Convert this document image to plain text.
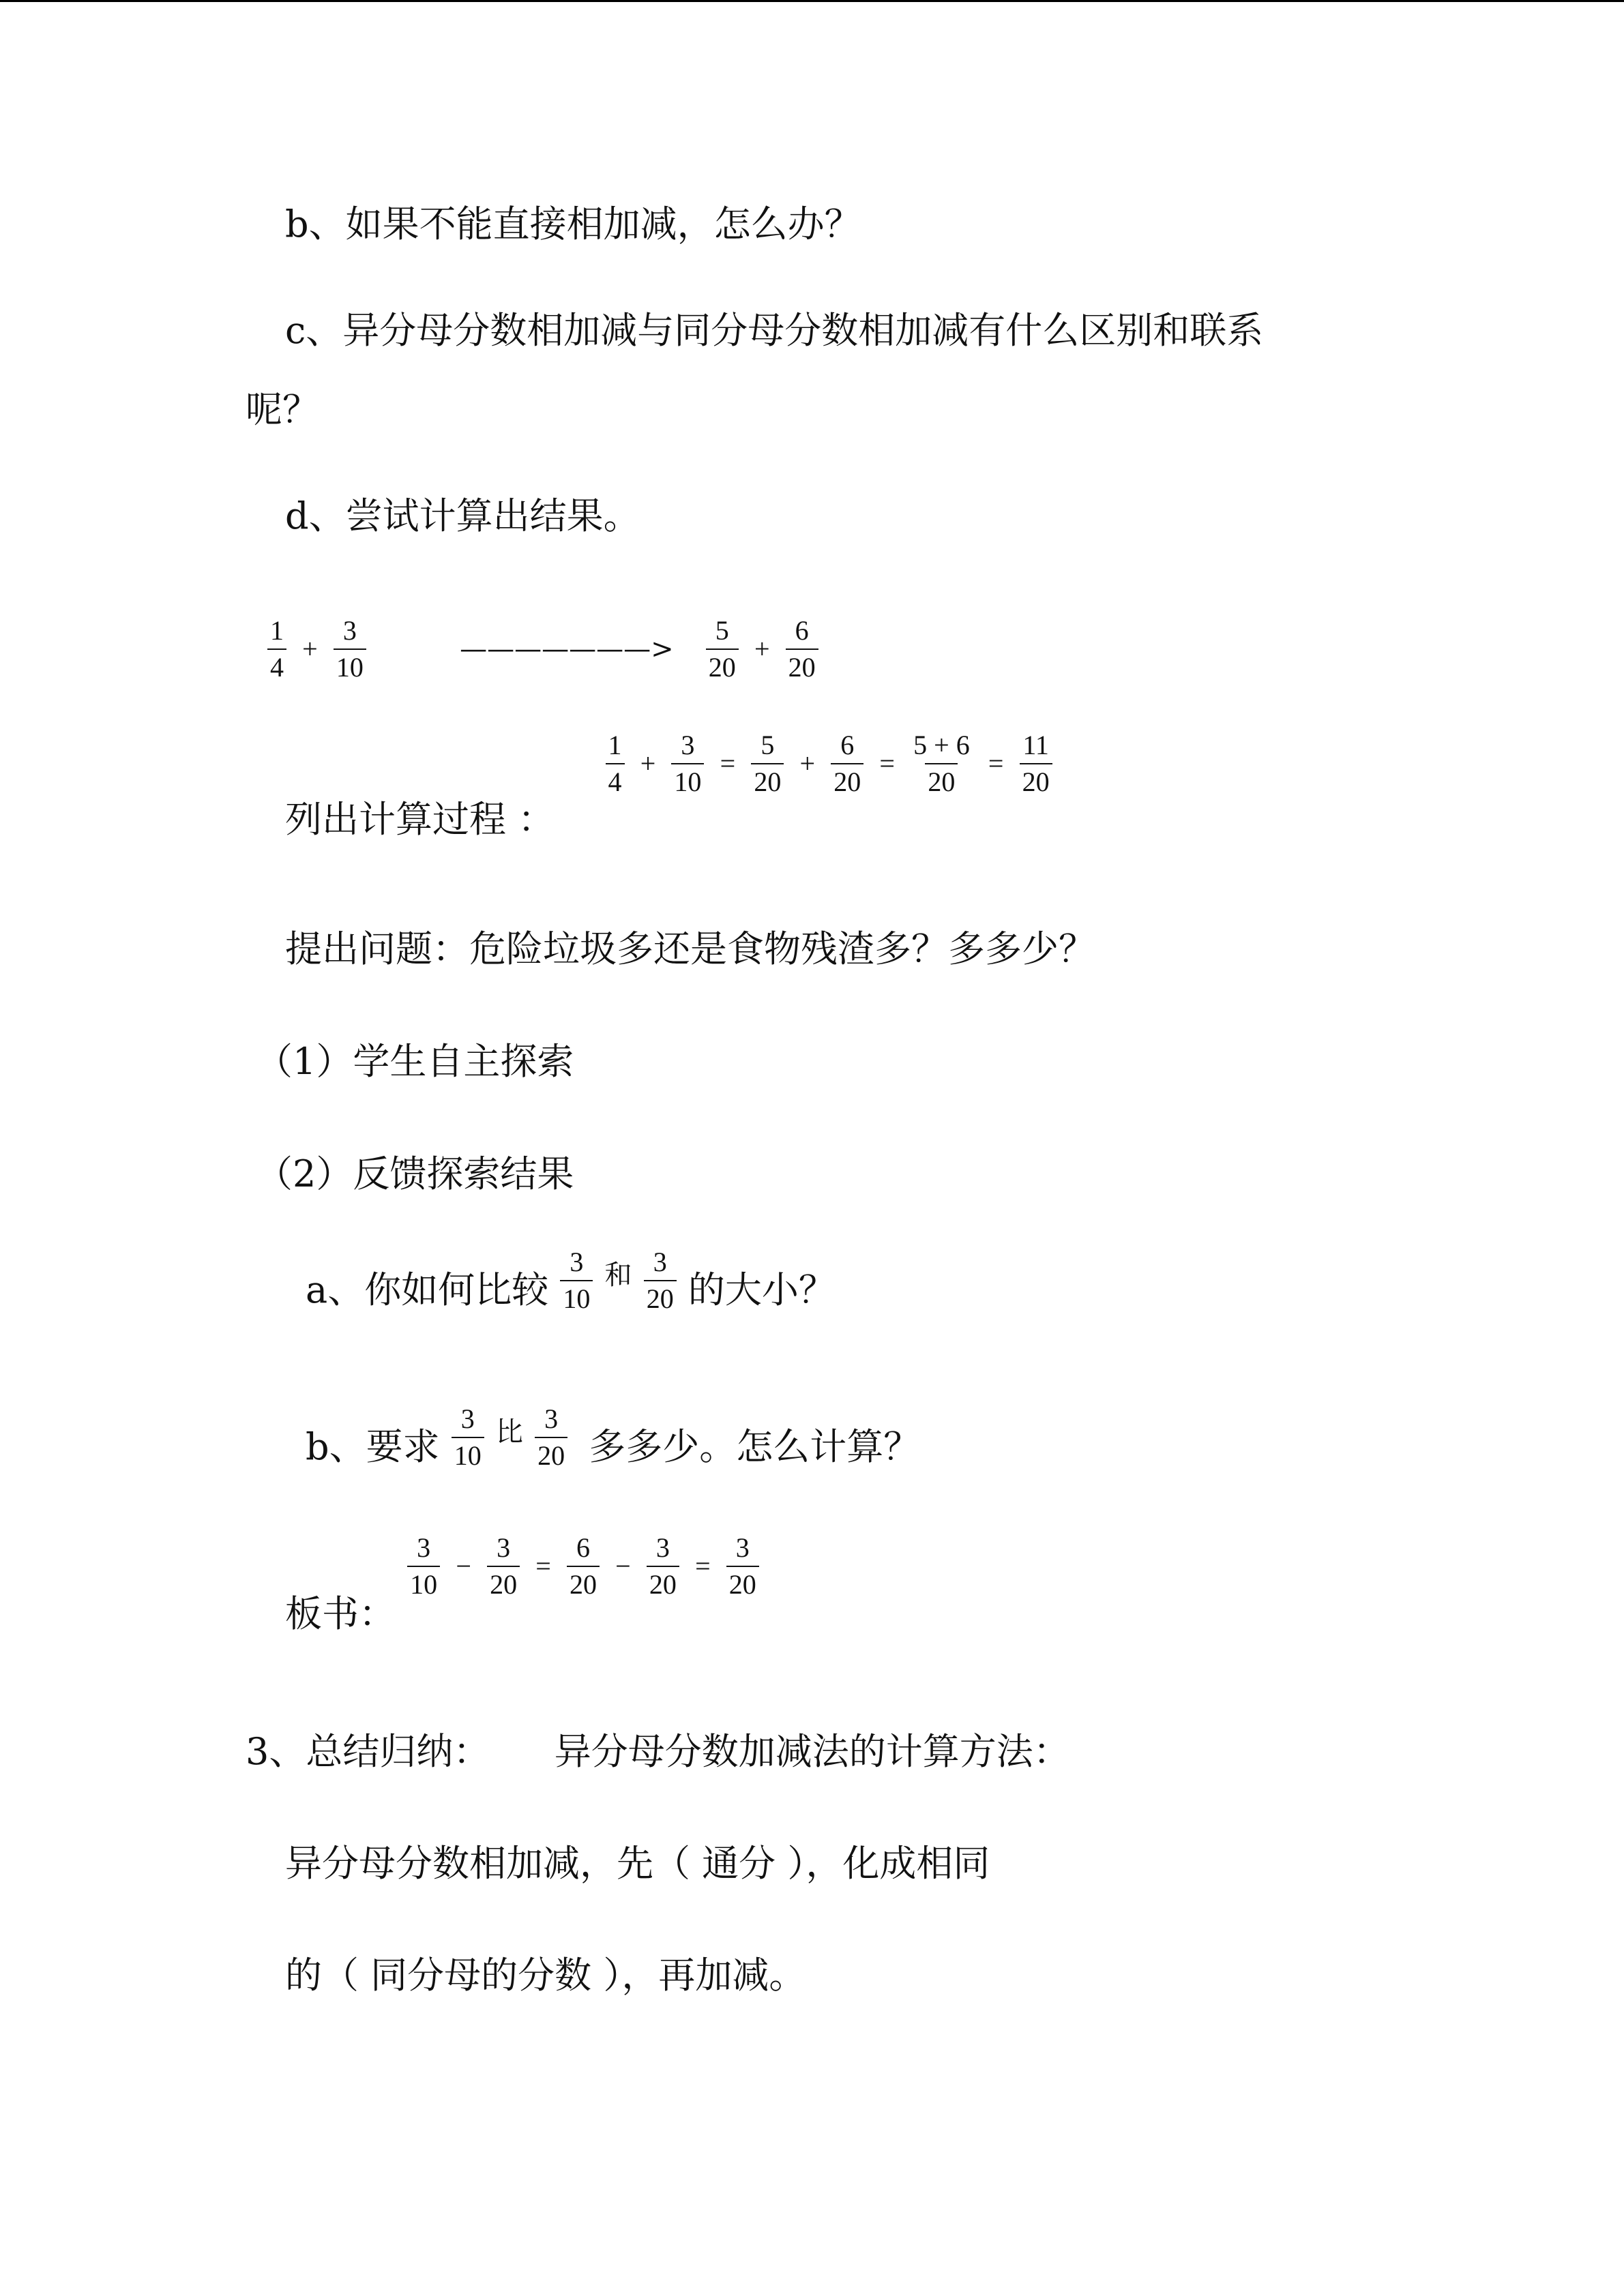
b、如果不能直接相加减，怎么办？
c、异分母分数相加减与同分母分数相加减有什么区别和联系
呢？
d、尝试计算出结果。
$\frac{1}{4} + \frac{3}{10}$	———————> $\frac{5}{20} + \frac{6}{20}$
列出计算过程 ：
$\frac{1}{4} + \frac{3}{10} = \frac{5}{20} + \frac{6}{20} = \frac{5 + 6}{20} = \frac{11}{20}$
提出问题：危险垃圾多还是食物残渣多？多多少？
（1）学生自主探索
（2）反馈探索结果
a、你如何比较 $\frac{3}{10}$ 和 $\frac{3}{20}$ 的大小？
b、要求 $\frac{3}{10}$ 比 $\frac{3}{20}$ 多多少。怎么计算？
板书：
$\frac{3}{10} - \frac{3}{20} = \frac{6}{20} - \frac{3}{20} = \frac{3}{20}$
3、总结归纳： 异分母分数加减法的计算方法：
异分母分数相加减，先（ 通分 ），化成相同
的（ 同分母的分数 ），再加减。
